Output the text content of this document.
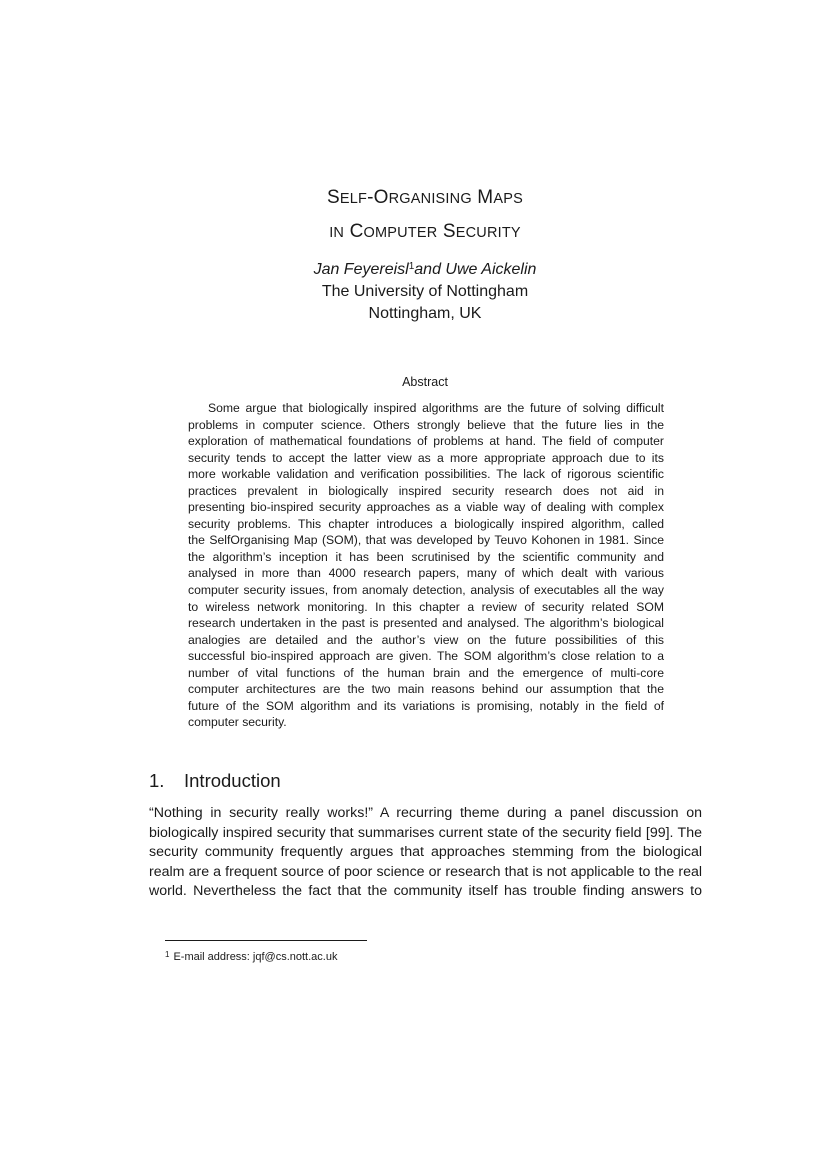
SELF-ORGANISING MAPS
IN COMPUTER SECURITY
Jan Feyereisl$^1$and Uwe Aickelin
The University of Nottingham
Nottingham, UK
Abstract
Some argue that biologically inspired algorithms are the future of solving difficult
problems in computer science. Others strongly believe that the future lies in the
exploration of mathematical foundations of problems at hand. The field of computer
security tends to accept the latter view as a more appropriate approach due to its
more workable validation and verification possibilities. The lack of rigorous scientific
practices prevalent in biologically inspired security research does not aid in
presenting bio-inspired security approaches as a viable way of dealing with complex
security problems. This chapter introduces a biologically inspired algorithm, called
the SelfOrganising Map (SOM), that was developed by Teuvo Kohonen in 1981. Since
the algorithm’s inception it has been scrutinised by the scientific community and
analysed in more than 4000 research papers, many of which dealt with various
computer security issues, from anomaly detection, analysis of executables all the way
to wireless network monitoring. In this chapter a review of security related SOM
research undertaken in the past is presented and analysed. The algorithm’s biological
analogies are detailed and the author’s view on the future possibilities of this
successful bio-inspired approach are given. The SOM algorithm’s close relation to a
number of vital functions of the human brain and the emergence of multi-core
computer architectures are the two main reasons behind our assumption that the
future of the SOM algorithm and its variations is promising, notably in the field of
computer security.
1. Introduction
“Nothing in security really works!” A recurring theme during a panel discussion on
biologically inspired security that summarises current state of the security field [99]. The
security community frequently argues that approaches stemming from the biological
realm are a frequent source of poor science or research that is not applicable to the real
world. Nevertheless the fact that the community itself has trouble finding answers to
$^1$ E-mail address: jqf@cs.nott.ac.uk
